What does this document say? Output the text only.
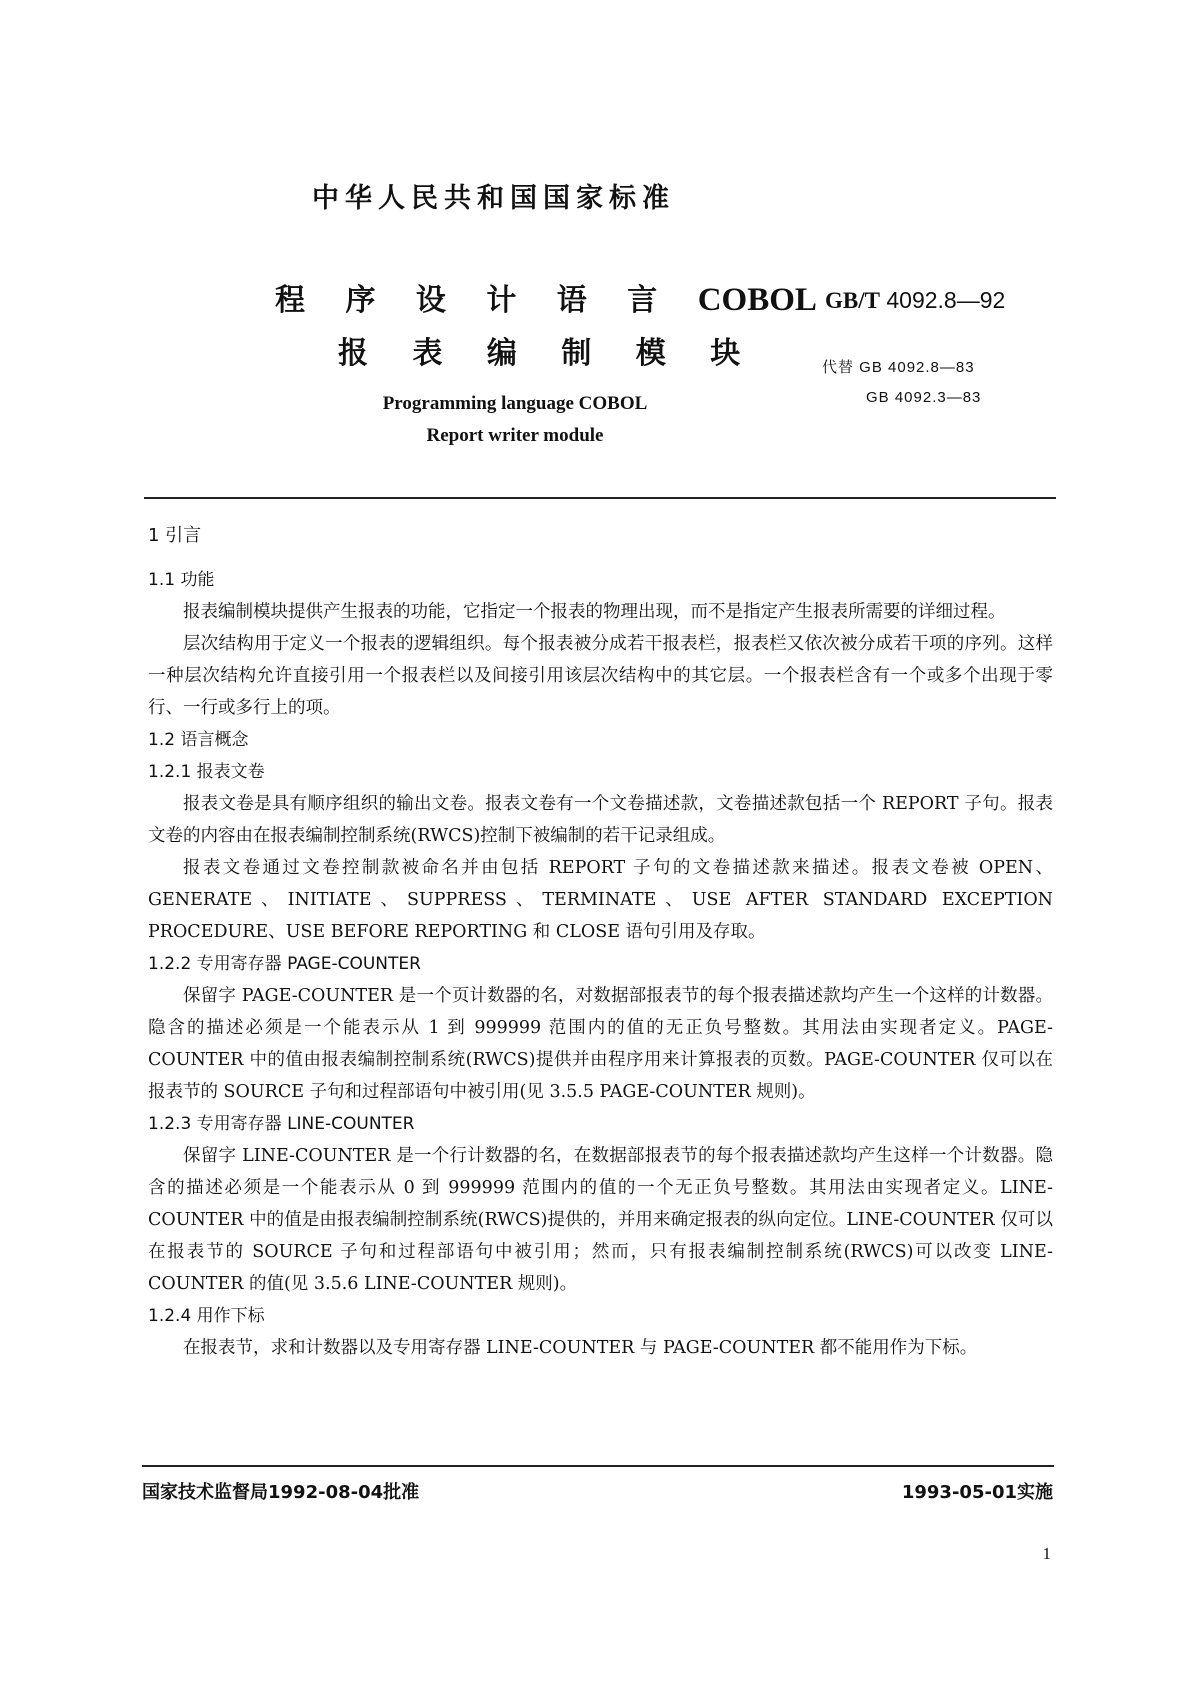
中华人民共和国国家标准
程 序 设 计 语 言 COBOL
报 表 编 制 模 块
Programming language COBOL
Report writer module
GB/T 4092.8—92
代替 GB 4092.8—83
GB 4092.3—83
1 引言
1.1 功能
报表编制模块提供产生报表的功能，它指定一个报表的物理出现，而不是指定产生报表所需要的详细过程。
层次结构用于定义一个报表的逻辑组织。每个报表被分成若干报表栏，报表栏又依次被分成若干项的序列。这样一种层次结构允许直接引用一个报表栏以及间接引用该层次结构中的其它层。一个报表栏含有一个或多个出现于零行、一行或多行上的项。
1.2 语言概念
1.2.1 报表文卷
报表文卷是具有顺序组织的输出文卷。报表文卷有一个文卷描述款，文卷描述款包括一个 REPORT 子句。报表文卷的内容由在报表编制控制系统(RWCS)控制下被编制的若干记录组成。
报表文卷通过文卷控制款被命名并由包括 REPORT 子句的文卷描述款来描述。报表文卷被 OPEN、GENERATE、INITIATE、SUPPRESS、TERMINATE、USE AFTER STANDARD EXCEPTION PROCEDURE、USE BEFORE REPORTING 和 CLOSE 语句引用及存取。
1.2.2 专用寄存器 PAGE-COUNTER
保留字 PAGE-COUNTER 是一个页计数器的名，对数据部报表节的每个报表描述款均产生一个这样的计数器。隐含的描述必须是一个能表示从 1 到 999999 范围内的值的无正负号整数。其用法由实现者定义。PAGE-COUNTER 中的值由报表编制控制系统(RWCS)提供并由程序用来计算报表的页数。PAGE-COUNTER 仅可以在报表节的 SOURCE 子句和过程部语句中被引用(见 3.5.5 PAGE-COUNTER 规则)。
1.2.3 专用寄存器 LINE-COUNTER
保留字 LINE-COUNTER 是一个行计数器的名，在数据部报表节的每个报表描述款均产生这样一个计数器。隐含的描述必须是一个能表示从 0 到 999999 范围内的值的一个无正负号整数。其用法由实现者定义。LINE-COUNTER 中的值是由报表编制控制系统(RWCS)提供的，并用来确定报表的纵向定位。LINE-COUNTER 仅可以在报表节的 SOURCE 子句和过程部语句中被引用；然而，只有报表编制控制系统(RWCS)可以改变 LINE-COUNTER 的值(见 3.5.6 LINE-COUNTER 规则)。
1.2.4 用作下标
在报表节，求和计数器以及专用寄存器 LINE-COUNTER 与 PAGE-COUNTER 都不能用作为下标。
国家技术监督局1992-08-04批准	1993-05-01实施
1
